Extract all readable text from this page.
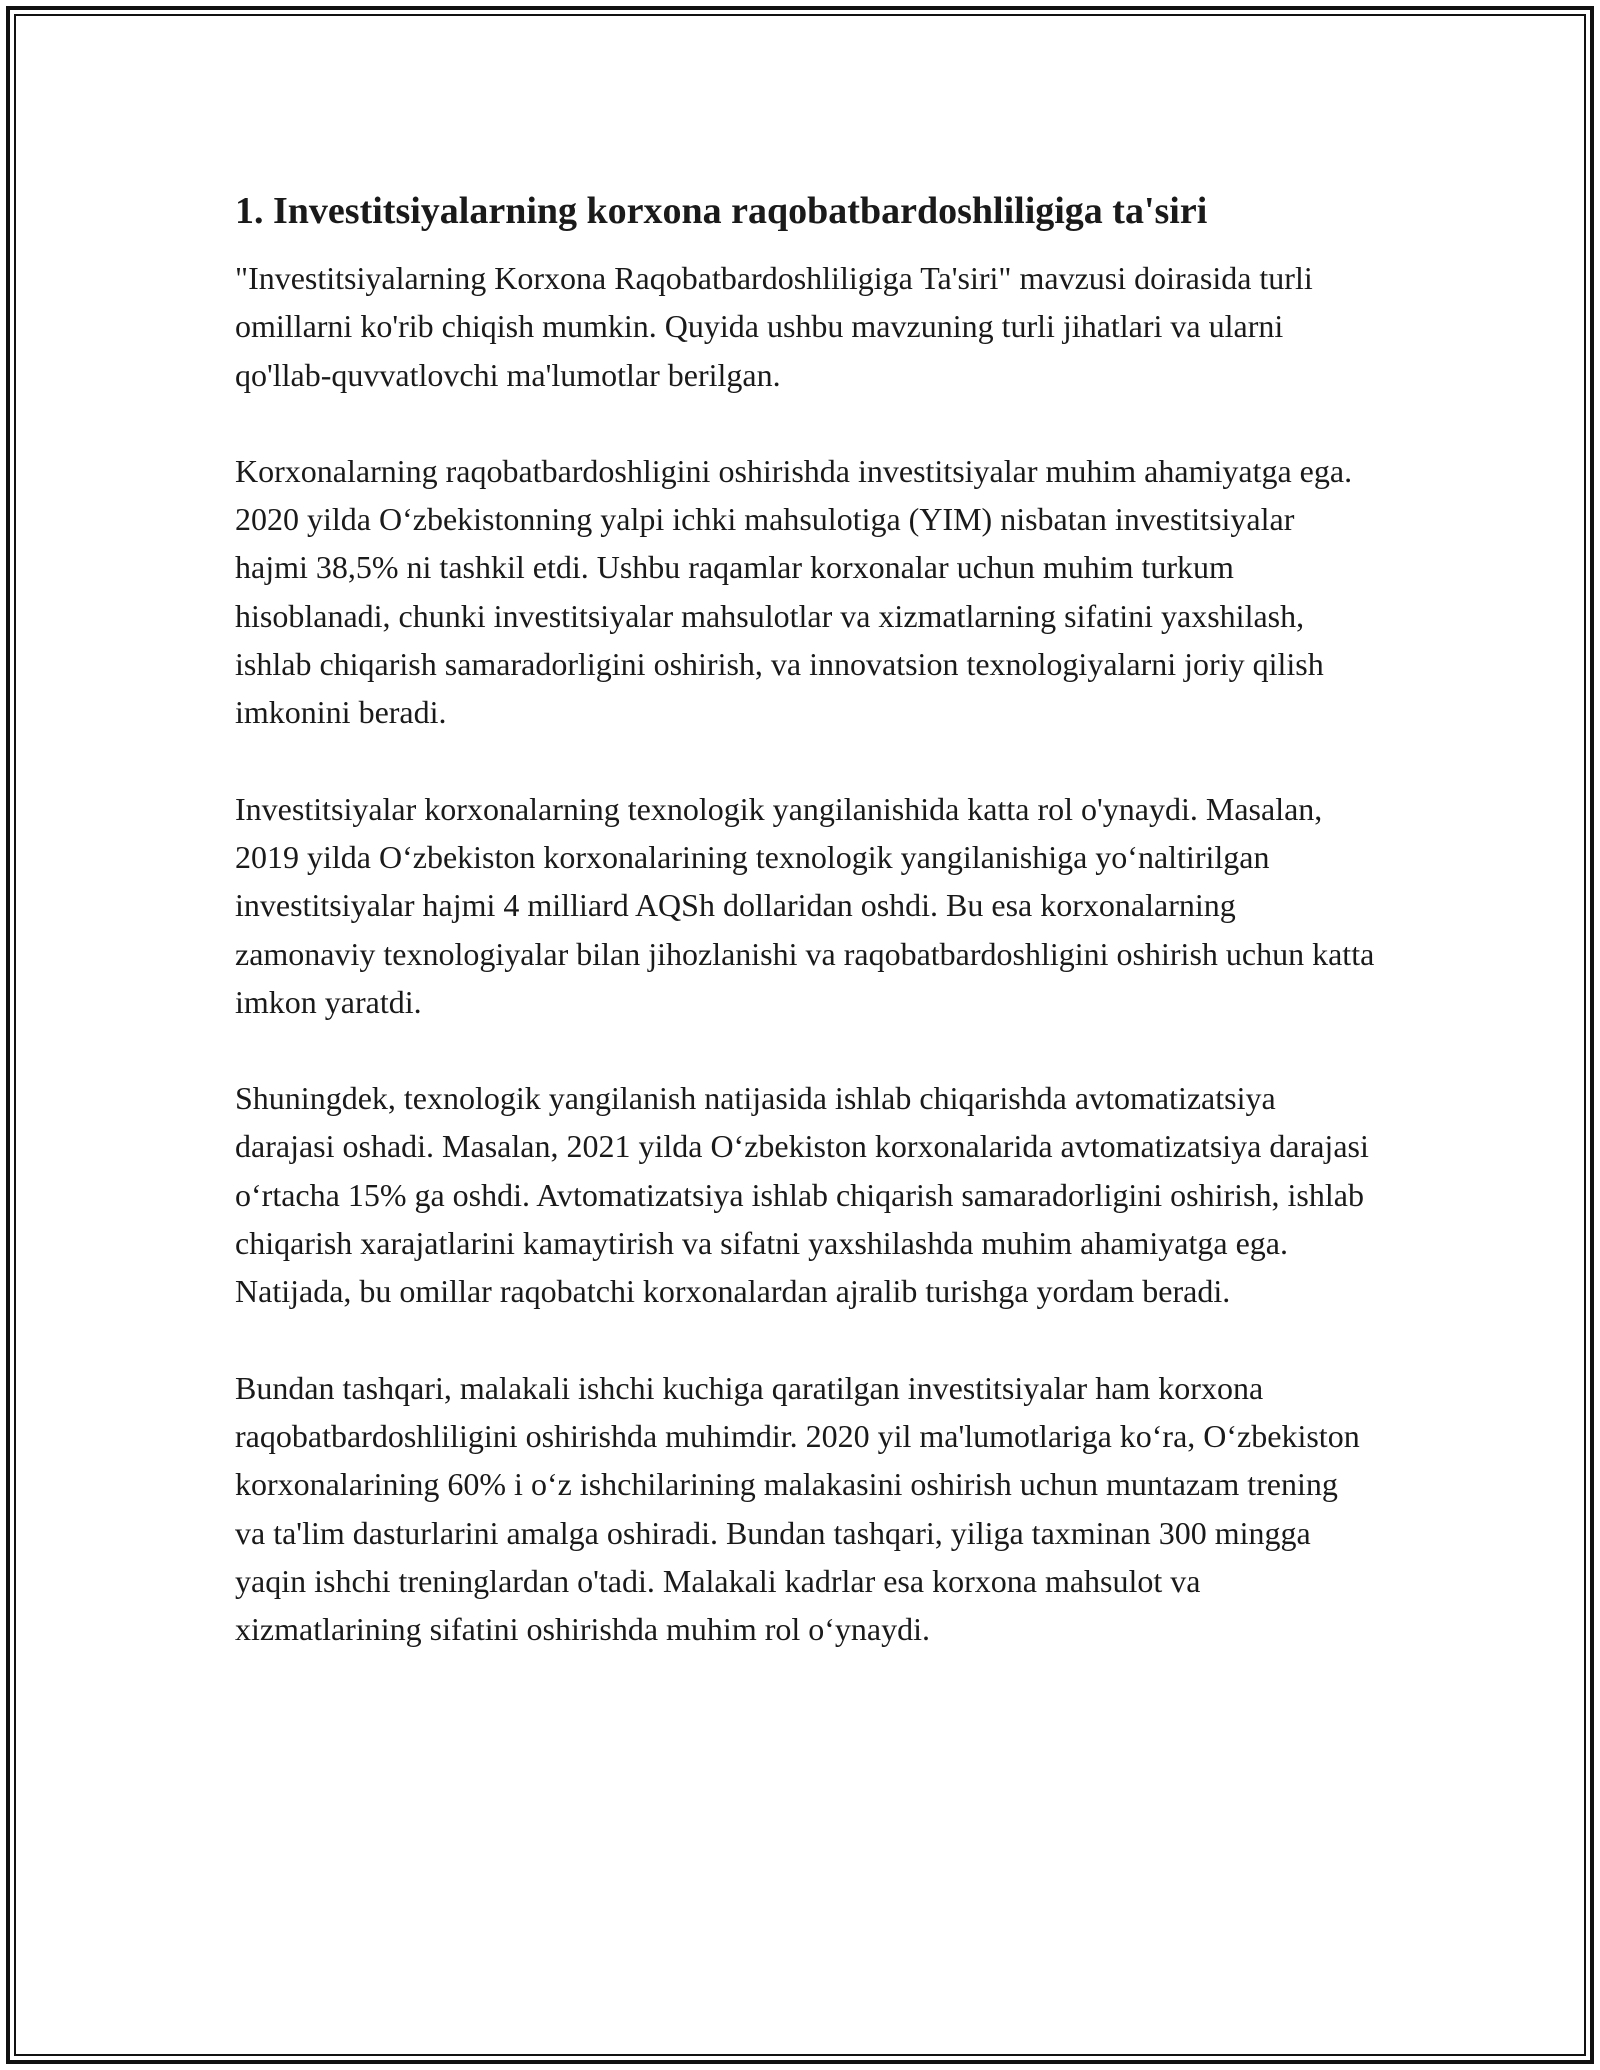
1. Investitsiyalarning korxona raqobatbardoshliligiga ta'siri

"Investitsiyalarning Korxona Raqobatbardoshliligiga Ta'siri" mavzusi doirasida turli omillarni ko'rib chiqish mumkin. Quyida ushbu mavzuning turli jihatlari va ularni qo'llab-quvvatlovchi ma'lumotlar berilgan.

Korxonalarning raqobatbardoshligini oshirishda investitsiyalar muhim ahamiyatga ega. 2020 yilda O‘zbekistonning yalpi ichki mahsulotiga (YIM) nisbatan investitsiyalar hajmi 38,5% ni tashkil etdi. Ushbu raqamlar korxonalar uchun muhim turkum hisoblanadi, chunki investitsiyalar mahsulotlar va xizmatlarning sifatini yaxshilash, ishlab chiqarish samaradorligini oshirish, va innovatsion texnologiyalarni joriy qilish imkonini beradi.

Investitsiyalar korxonalarning texnologik yangilanishida katta rol o'ynaydi. Masalan, 2019 yilda O‘zbekiston korxonalarining texnologik yangilanishiga yo‘naltirilgan investitsiyalar hajmi 4 milliard AQSh dollaridan oshdi. Bu esa korxonalarning zamonaviy texnologiyalar bilan jihozlanishi va raqobatbardoshligini oshirish uchun katta imkon yaratdi.

Shuningdek, texnologik yangilanish natijasida ishlab chiqarishda avtomatizatsiya darajasi oshadi. Masalan, 2021 yilda O‘zbekiston korxonalarida avtomatizatsiya darajasi o‘rtacha 15% ga oshdi. Avtomatizatsiya ishlab chiqarish samaradorligini oshirish, ishlab chiqarish xarajatlarini kamaytirish va sifatni yaxshilashda muhim ahamiyatga ega. Natijada, bu omillar raqobatchi korxonalardan ajralib turishga yordam beradi.

Bundan tashqari, malakali ishchi kuchiga qaratilgan investitsiyalar ham korxona raqobatbardoshliligini oshirishda muhimdir. 2020 yil ma'lumotlariga ko‘ra, O‘zbekiston korxonalarining 60% i o‘z ishchilarining malakasini oshirish uchun muntazam trening va ta'lim dasturlarini amalga oshiradi. Bundan tashqari, yiliga taxminan 300 mingga yaqin ishchi treninglardan o'tadi. Malakali kadrlar esa korxona mahsulot va xizmatlarining sifatini oshirishda muhim rol o‘ynaydi.
